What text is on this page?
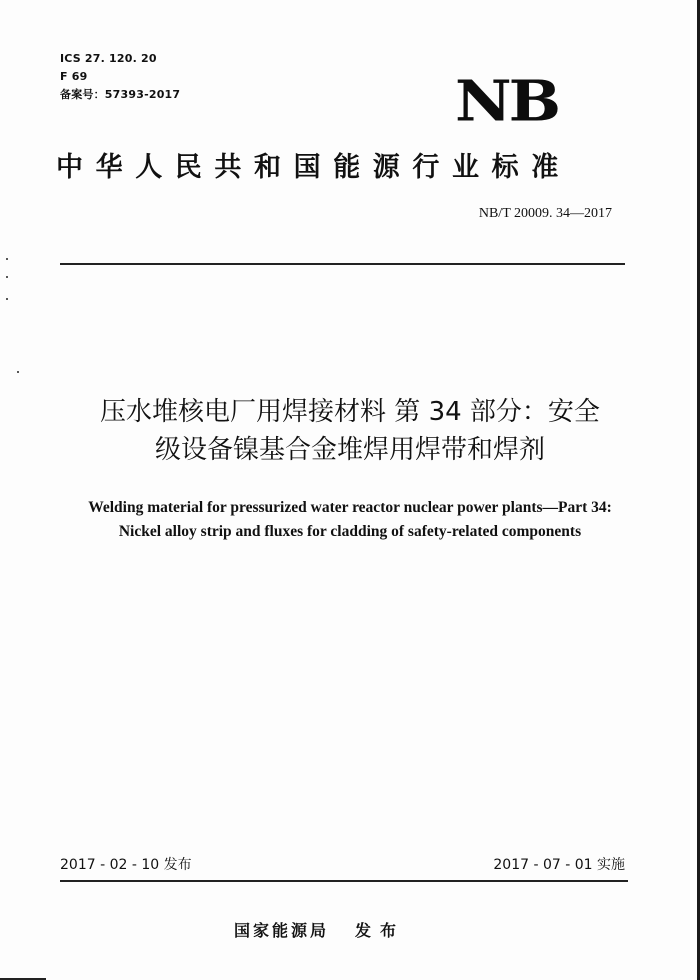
ICS 27. 120. 20
F 69
备案号：57393-2017	NB
中华人民共和国能源行业标准
NB/T 20009. 34—2017
压水堆核电厂用焊接材料 第 34 部分：安全
级设备镍基合金堆焊用焊带和焊剂
Welding material for pressurized water reactor nuclear power plants—Part 34:
Nickel alloy strip and fluxes for cladding of safety-related components
2017 - 02 - 10 发布	2017 - 07 - 01 实施
国家能源局 发布
